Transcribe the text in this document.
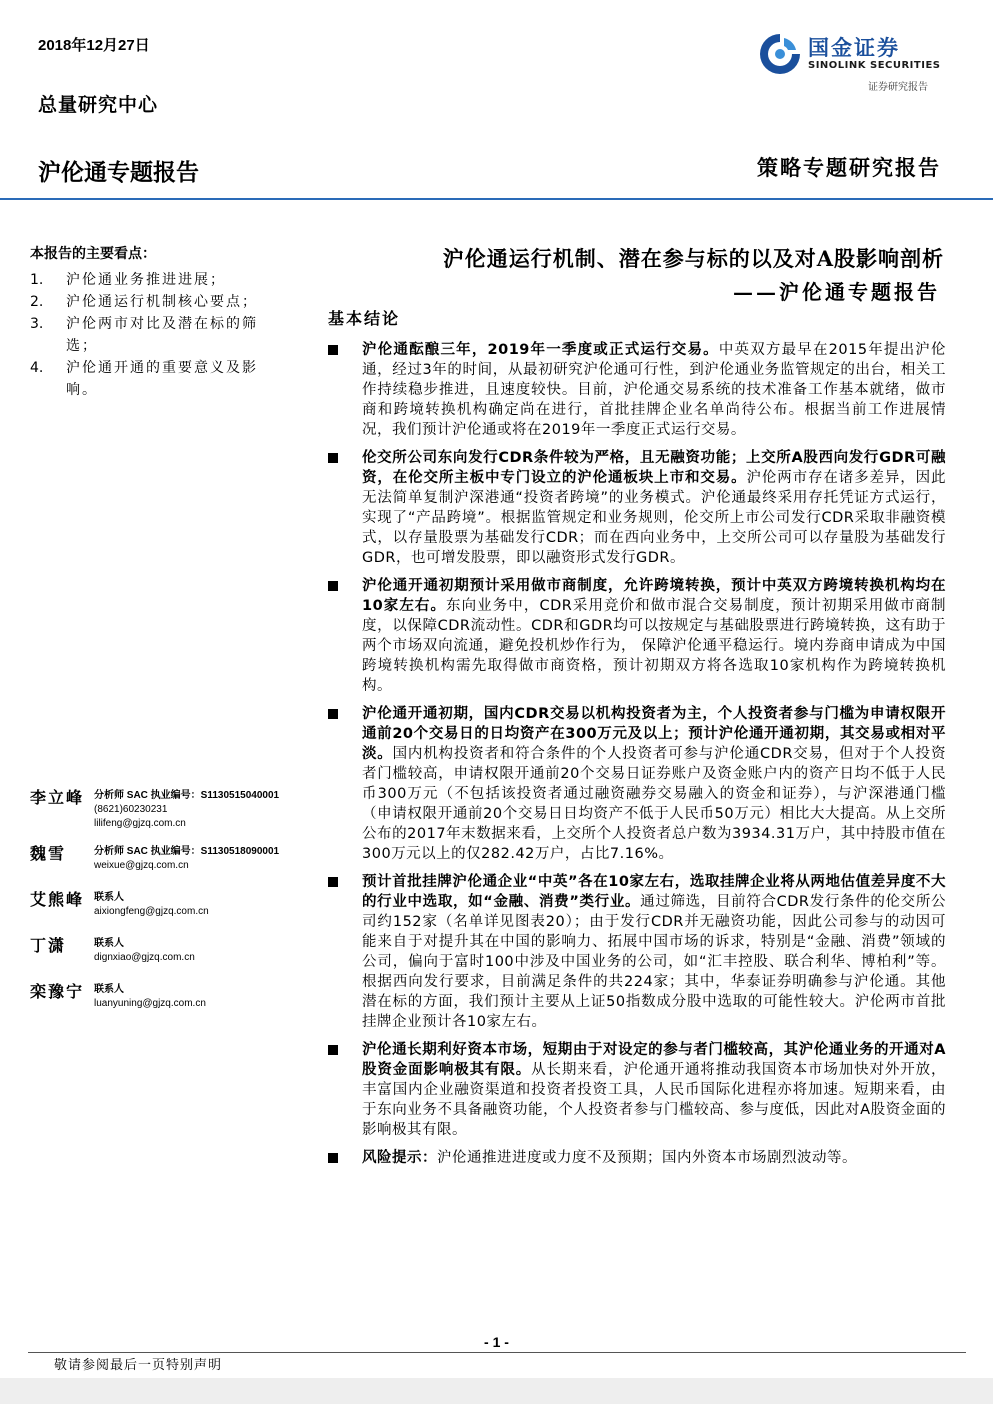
2018年12月27日
总量研究中心
沪伦通专题报告
国金证券
SINOLINK SECURITIES
证券研究报告
策略专题研究报告
本报告的主要看点：
1.	沪伦通业务推进进展；
2.	沪伦通运行机制核心要点；
3.	沪伦两市对比及潜在标的筛选；
4.	沪伦通开通的重要意义及影响。
李立峰 分析师 SAC 执业编号：S1130515040001
(8621)60230231
lilifeng@gjzq.com.cn
魏雪	分析师 SAC 执业编号：S1130518090001
weixue@gjzq.com.cn
艾熊峰 联系人
aixiongfeng@gjzq.com.cn
丁潇	联系人
dignxiao@gjzq.com.cn
栾豫宁 联系人
luanyuning@gjzq.com.cn
沪伦通运行机制、潜在参与标的以及对A股影响剖析
——沪伦通专题报告
基本结论
沪伦通酝酿三年，2019年一季度或正式运行交易。中英双方最早在2015年提出沪伦通，经过3年的时间，从最初研究沪伦通可行性，到沪伦通业务监管规定的出台，相关工作持续稳步推进，且速度较快。目前，沪伦通交易系统的技术准备工作基本就绪，做市商和跨境转换机构确定尚在进行，首批挂牌企业名单尚待公布。根据当前工作进展情况，我们预计沪伦通或将在2019年一季度正式运行交易。
伦交所公司东向发行CDR条件较为严格，且无融资功能；上交所A股西向发行GDR可融资，在伦交所主板中专门设立的沪伦通板块上市和交易。沪伦两市存在诸多差异，因此无法简单复制沪深港通“投资者跨境”的业务模式。沪伦通最终采用存托凭证方式运行，实现了“产品跨境”。根据监管规定和业务规则，伦交所上市公司发行CDR采取非融资模式，以存量股票为基础发行CDR；而在西向业务中，上交所公司可以存量股为基础发行GDR，也可增发股票，即以融资形式发行GDR。
沪伦通开通初期预计采用做市商制度，允许跨境转换，预计中英双方跨境转换机构均在10家左右。东向业务中，CDR采用竞价和做市混合交易制度，预计初期采用做市商制度，以保障CDR流动性。CDR和GDR均可以按规定与基础股票进行跨境转换，这有助于两个市场双向流通，避免投机炒作行为， 保障沪伦通平稳运行。境内券商申请成为中国跨境转换机构需先取得做市商资格，预计初期双方将各选取10家机构作为跨境转换机构。
沪伦通开通初期，国内CDR交易以机构投资者为主，个人投资者参与门槛为申请权限开通前20个交易日的日均资产在300万元及以上；预计沪伦通开通初期，其交易或相对平淡。国内机构投资者和符合条件的个人投资者可参与沪伦通CDR交易，但对于个人投资者门槛较高，申请权限开通前20个交易日证券账户及资金账户内的资产日均不低于人民币300万元（不包括该投资者通过融资融券交易融入的资金和证券），与沪深港通门槛（申请权限开通前20个交易日日均资产不低于人民币50万元）相比大大提高。从上交所公布的2017年末数据来看，上交所个人投资者总户数为3934.31万户，其中持股市值在300万元以上的仅282.42万户，占比7.16%。
预计首批挂牌沪伦通企业“中英”各在10家左右，选取挂牌企业将从两地估值差异度不大的行业中选取，如“金融、消费”类行业。通过筛选，目前符合CDR发行条件的伦交所公司约152家（名单详见图表20）；由于发行CDR并无融资功能，因此公司参与的动因可能来自于对提升其在中国的影响力、拓展中国市场的诉求，特别是“金融、消费”领域的公司，偏向于富时100中涉及中国业务的公司，如“汇丰控股、联合利华、博柏利”等。根据西向发行要求，目前满足条件的共224家；其中，华泰证券明确参与沪伦通。其他潜在标的方面，我们预计主要从上证50指数成分股中选取的可能性较大。沪伦两市首批挂牌企业预计各10家左右。
沪伦通长期利好资本市场，短期由于对设定的参与者门槛较高，其沪伦通业务的开通对A股资金面影响极其有限。从长期来看，沪伦通开通将推动我国资本市场加快对外开放，丰富国内企业融资渠道和投资者投资工具，人民币国际化进程亦将加速。短期来看，由于东向业务不具备融资功能，个人投资者参与门槛较高、参与度低，因此对A股资金面的影响极其有限。
风险提示：沪伦通推进进度或力度不及预期；国内外资本市场剧烈波动等。
- 1 -
敬请参阅最后一页特别声明
